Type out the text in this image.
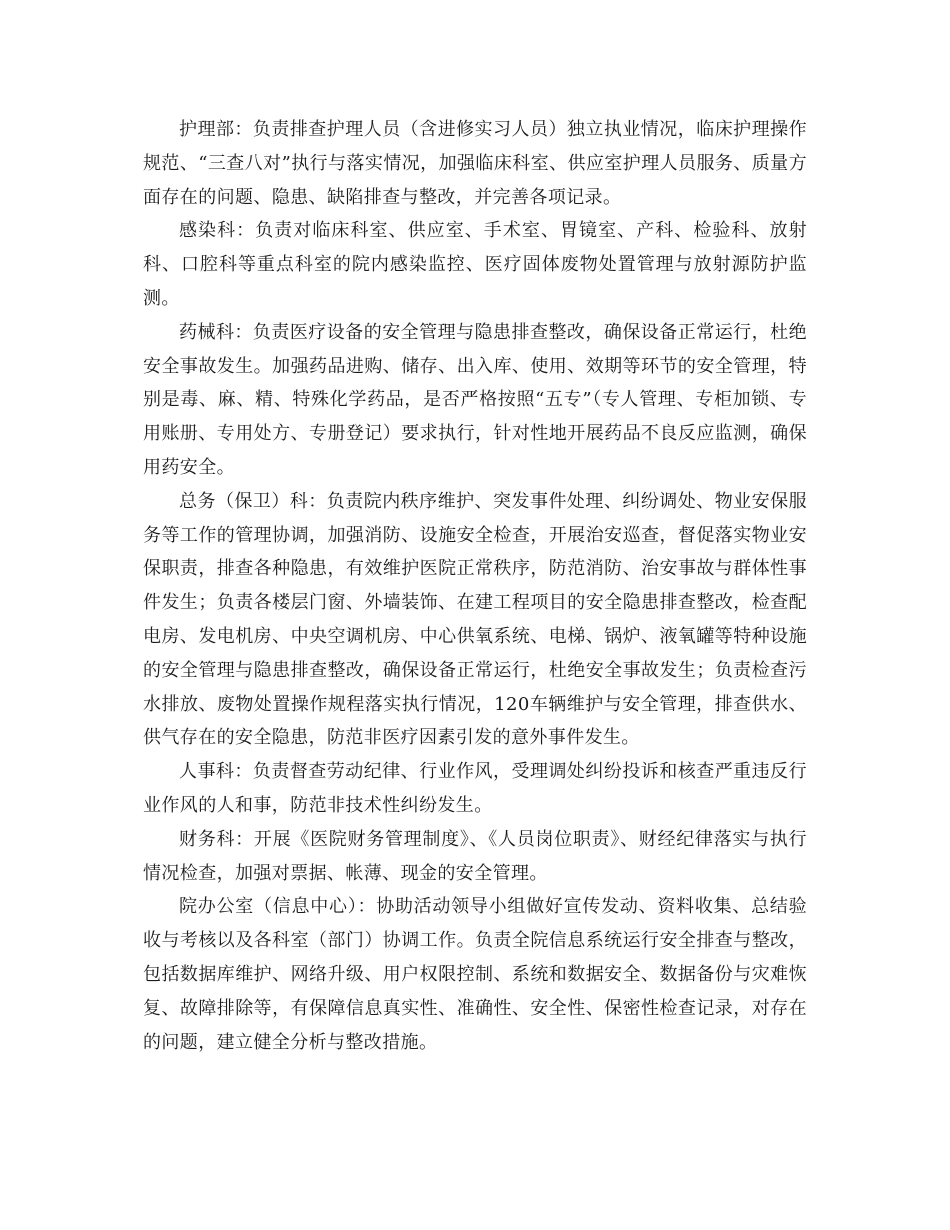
护理部：负责排查护理人员（含进修实习人员）独立执业情况，临床护理操作规范、“三查八对”执行与落实情况，加强临床科室、供应室护理人员服务、质量方面存在的问题、隐患、缺陷排查与整改，并完善各项记录。

感染科：负责对临床科室、供应室、手术室、胃镜室、产科、检验科、放射科、口腔科等重点科室的院内感染监控、医疗固体废物处置管理与放射源防护监测。

药械科：负责医疗设备的安全管理与隐患排查整改，确保设备正常运行，杜绝安全事故发生。加强药品进购、储存、出入库、使用、效期等环节的安全管理，特别是毒、麻、精、特殊化学药品，是否严格按照“五专”（专人管理、专柜加锁、专用账册、专用处方、专册登记）要求执行，针对性地开展药品不良反应监测，确保用药安全。

总务（保卫）科：负责院内秩序维护、突发事件处理、纠纷调处、物业安保服务等工作的管理协调，加强消防、设施安全检查，开展治安巡查，督促落实物业安保职责，排查各种隐患，有效维护医院正常秩序，防范消防、治安事故与群体性事件发生；负责各楼层门窗、外墙装饰、在建工程项目的安全隐患排查整改，检查配电房、发电机房、中央空调机房、中心供氧系统、电梯、锅炉、液氧罐等特种设施的安全管理与隐患排查整改，确保设备正常运行，杜绝安全事故发生；负责检查污水排放、废物处置操作规程落实执行情况，120车辆维护与安全管理，排查供水、供气存在的安全隐患，防范非医疗因素引发的意外事件发生。

人事科：负责督查劳动纪律、行业作风，受理调处纠纷投诉和核查严重违反行业作风的人和事，防范非技术性纠纷发生。

财务科：开展《医院财务管理制度》、《人员岗位职责》、财经纪律落实与执行情况检查，加强对票据、帐薄、现金的安全管理。

院办公室（信息中心）：协助活动领导小组做好宣传发动、资料收集、总结验收与考核以及各科室（部门）协调工作。负责全院信息系统运行安全排查与整改，包括数据库维护、网络升级、用户权限控制、系统和数据安全、数据备份与灾难恢复、故障排除等，有保障信息真实性、准确性、安全性、保密性检查记录，对存在的问题，建立健全分析与整改措施。
